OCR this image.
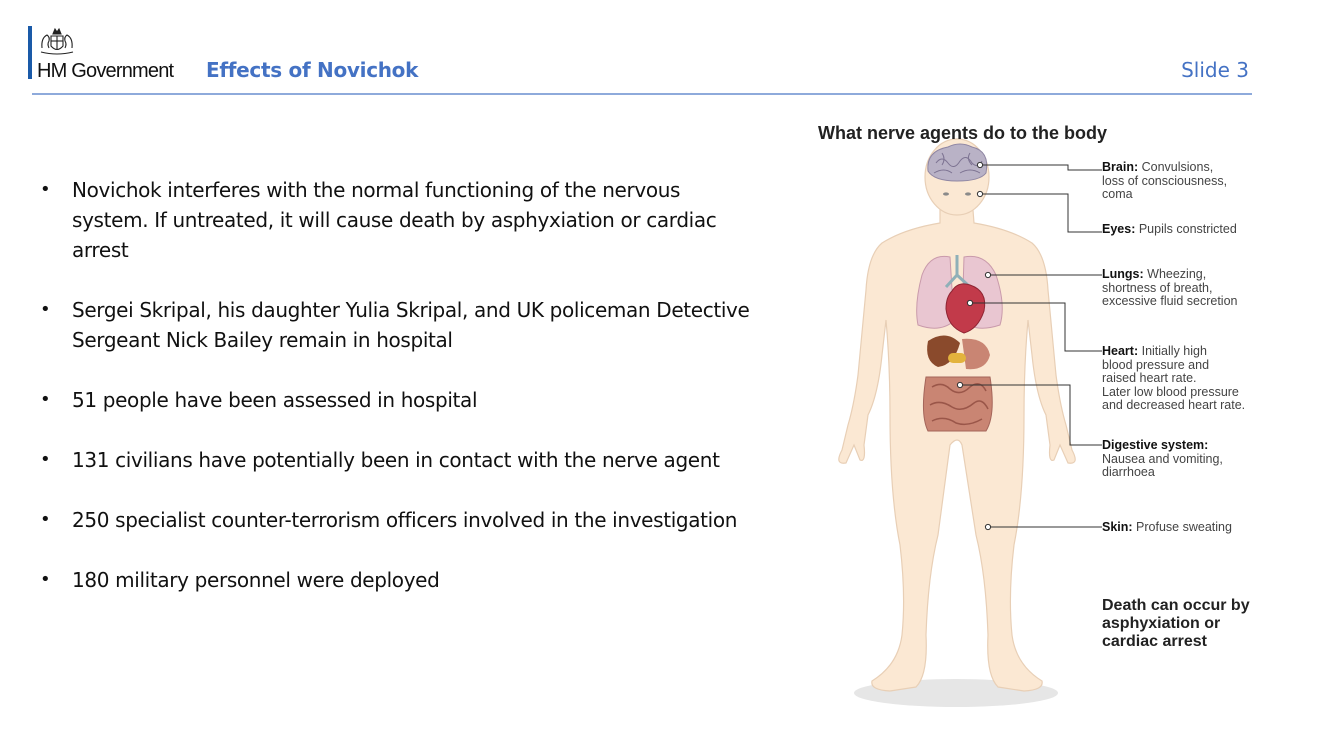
HM Government Effects of Novichok	Slide 3
• Novichok interferes with the normal functioning of the nervous system. If untreated, it will cause death by asphyxiation or cardiac arrest
• Sergei Skripal, his daughter Yulia Skripal, and UK policeman Detective Sergeant Nick Bailey remain in hospital
• 51 people have been assessed in hospital
• 131 civilians have potentially been in contact with the nerve agent
• 250 specialist counter-terrorism officers involved in the investigation
• 180 military personnel were deployed
What nerve agents do to the body
Brain: Convulsions,
loss of consciousness,
coma
Eyes: Pupils constricted
Lungs: Wheezing,
shortness of breath,
excessive fluid secretion
Heart: Initially high
blood pressure and
raised heart rate.
Later low blood pressure
and decreased heart rate.
Digestive system:
Nausea and vomiting,
diarrhoea
Skin: Profuse sweating
Death can occur by asphyxiation or cardiac arrest
